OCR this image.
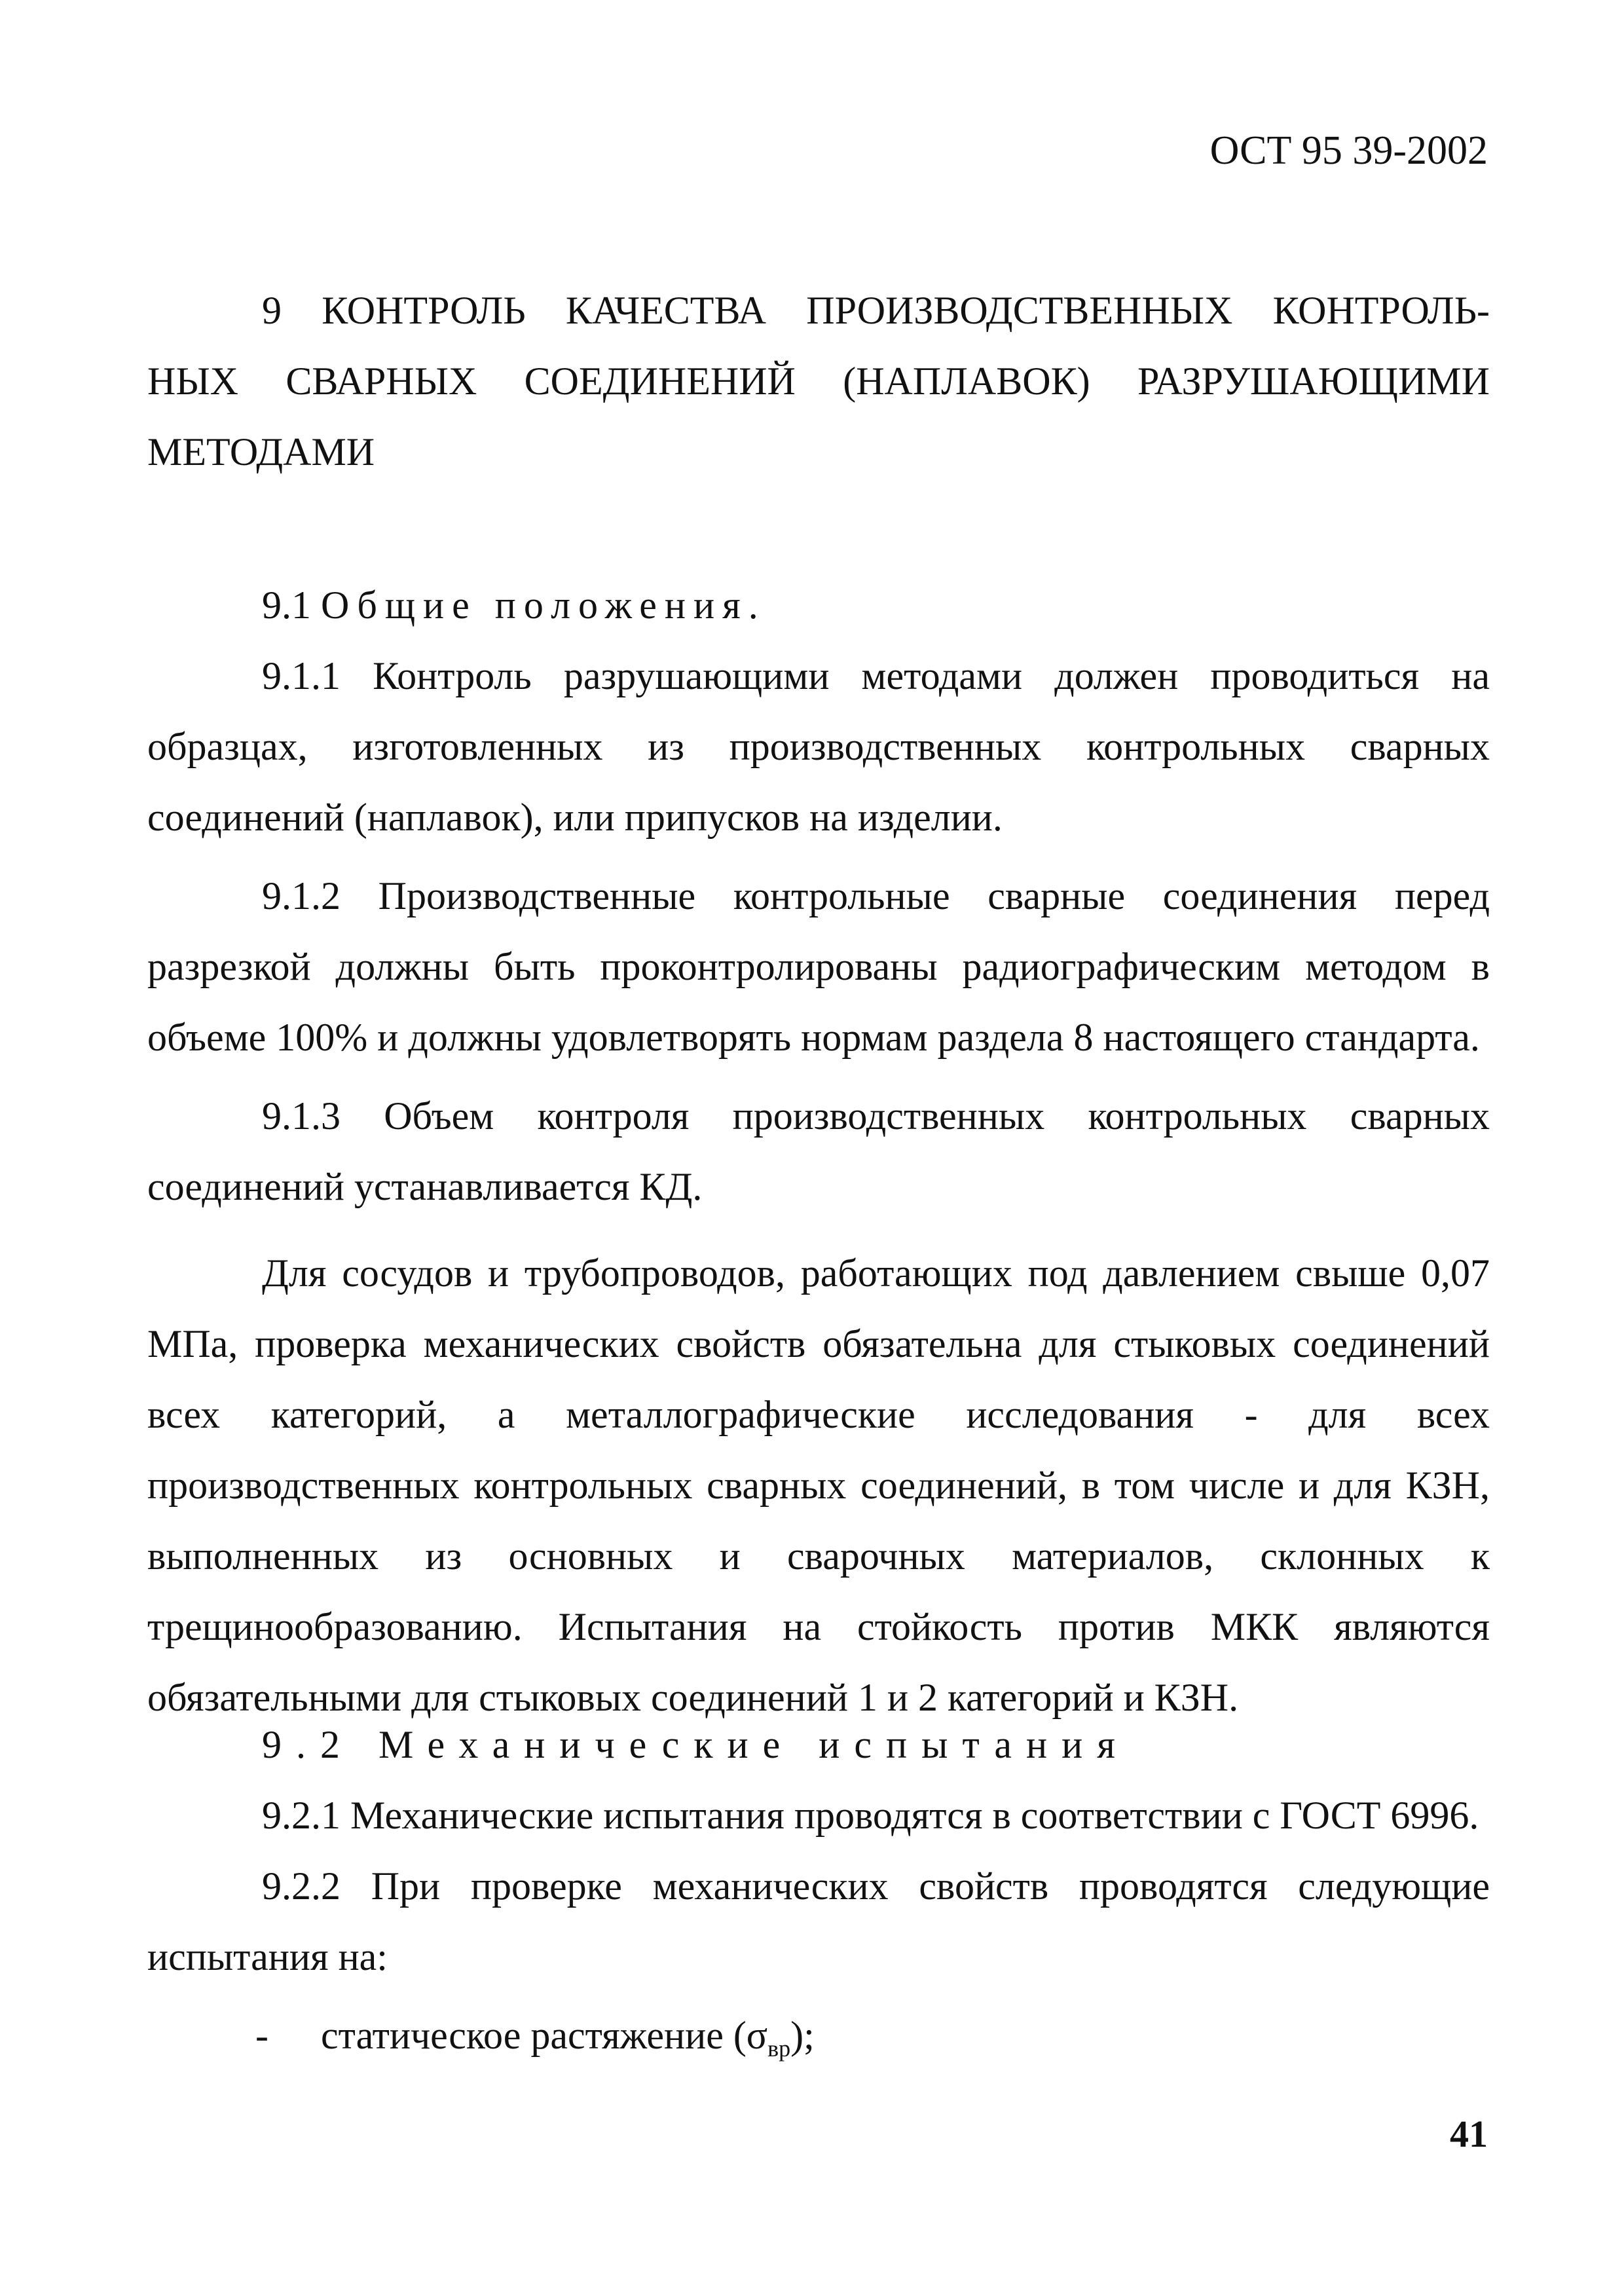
ОСТ 95 39-2002
9 КОНТРОЛЬ КАЧЕСТВА ПРОИЗВОДСТВЕННЫХ КОНТРОЛЬ-
НЫХ СВАРНЫХ СОЕДИНЕНИЙ (НАПЛАВОК) РАЗРУШАЮЩИМИ
МЕТОДАМИ

9.1 Общие положения.

9.1.1 Контроль разрушающими методами должен проводиться на образцах, изготовленных из производственных контрольных сварных соединений (наплавок), или припусков на изделии.

9.1.2 Производственные контрольные сварные соединения перед разрезкой должны быть проконтролированы радиографическим методом в объеме 100% и должны удовлетворять нормам раздела 8 настоящего стандарта.

9.1.3 Объем контроля производственных контрольных сварных соединений устанавливается КД.

Для сосудов и трубопроводов, работающих под давлением свыше 0,07 МПа, проверка механических свойств обязательна для стыковых соединений всех категорий, а металлографические исследования - для всех производственных контрольных сварных соединений, в том числе и для КЗН, выполненных из основных и сварочных материалов, склонных к трещинообразованию. Испытания на стойкость против МКК являются обязательными для стыковых соединений 1 и 2 категорий и КЗН.

9.2 Механические испытания

9.2.1 Механические испытания проводятся в соответствии с ГОСТ 6996.

9.2.2 При проверке механических свойств проводятся следующие испытания на:

-	статическое растяжение $(\sigma_{вр})$;
41
